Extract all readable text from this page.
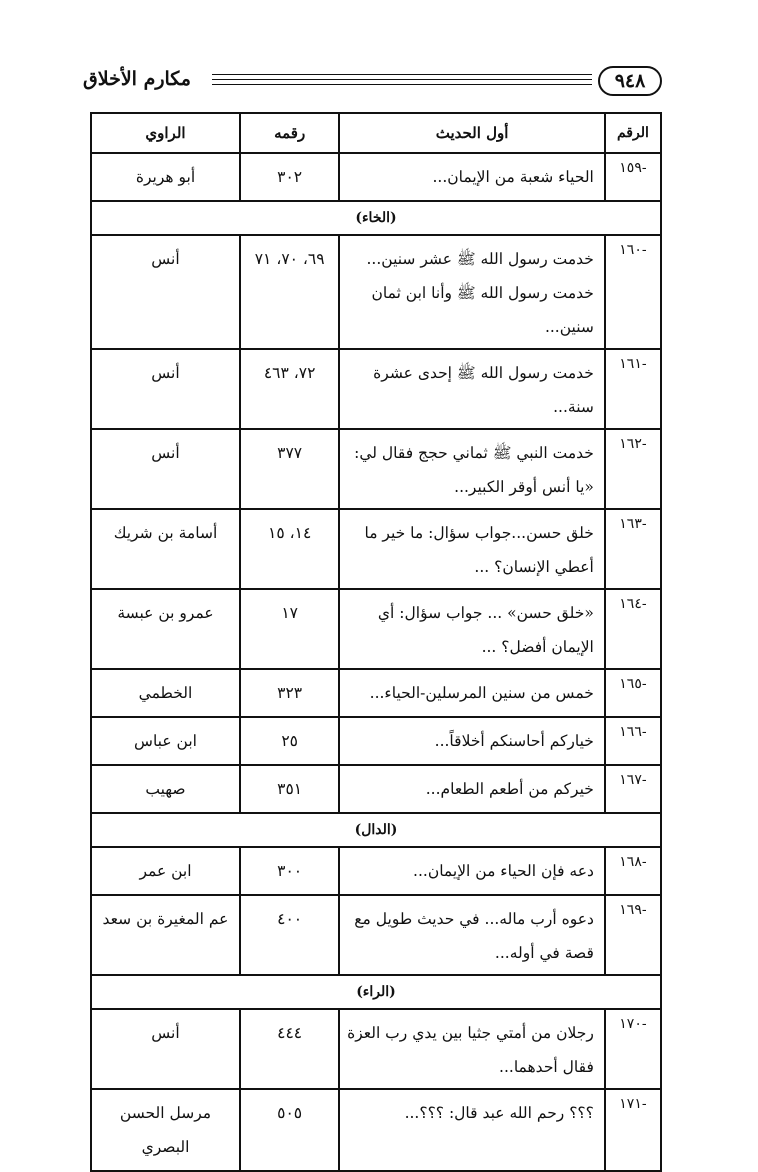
مكارم الأخلاق	٩٤٨
الرقم	أول الحديث	رقمه	الراوي
-١٥٩	الحياء شعبة من الإيمان...	٣٠٢	أبو هريرة
(الخاء)			
-١٦٠	خدمت رسول الله ﷺ عشر سنين... خدمت رسول الله ﷺ وأنا ابن ثمان سنين...	٦٩، ٧٠، ٧١	أنس
-١٦١	خدمت رسول الله ﷺ إحدى عشرة سنة...	٧٢، ٤٦٣	أنس
-١٦٢	خدمت النبي ﷺ ثماني حجج فقال لي: «يا أنس أوقر الكبير...	٣٧٧	أنس
-١٦٣	خلق حسن...جواب سؤال: ما خير ما أعطي الإنسان؟ ...	١٤، ١٥	أسامة بن شريك
-١٦٤	«خلق حسن» ... جواب سؤال: أي الإيمان أفضل؟ ...	١٧	عمرو بن عبسة
-١٦٥	خمس من سنين المرسلين-الحياء...	٣٢٣	الخطمي
-١٦٦	خياركم أحاسنكم أخلاقاً...	٢٥	ابن عباس
-١٦٧	خيركم من أطعم الطعام...	٣٥١	صهيب
(الدال)			
-١٦٨	دعه فإن الحياء من الإيمان...	٣٠٠	ابن عمر
-١٦٩	دعوه أرب ماله... في حديث طويل مع قصة في أوله...	٤٠٠	عم المغيرة بن سعد
(الراء)			
-١٧٠	رجلان من أمتي جثيا بين يدي رب العزة فقال أحدهما...	٤٤٤	أنس
-١٧١	؟؟؟ رحم الله عبد قال: ؟؟؟...	٥٠٥	مرسل الحسن البصري
